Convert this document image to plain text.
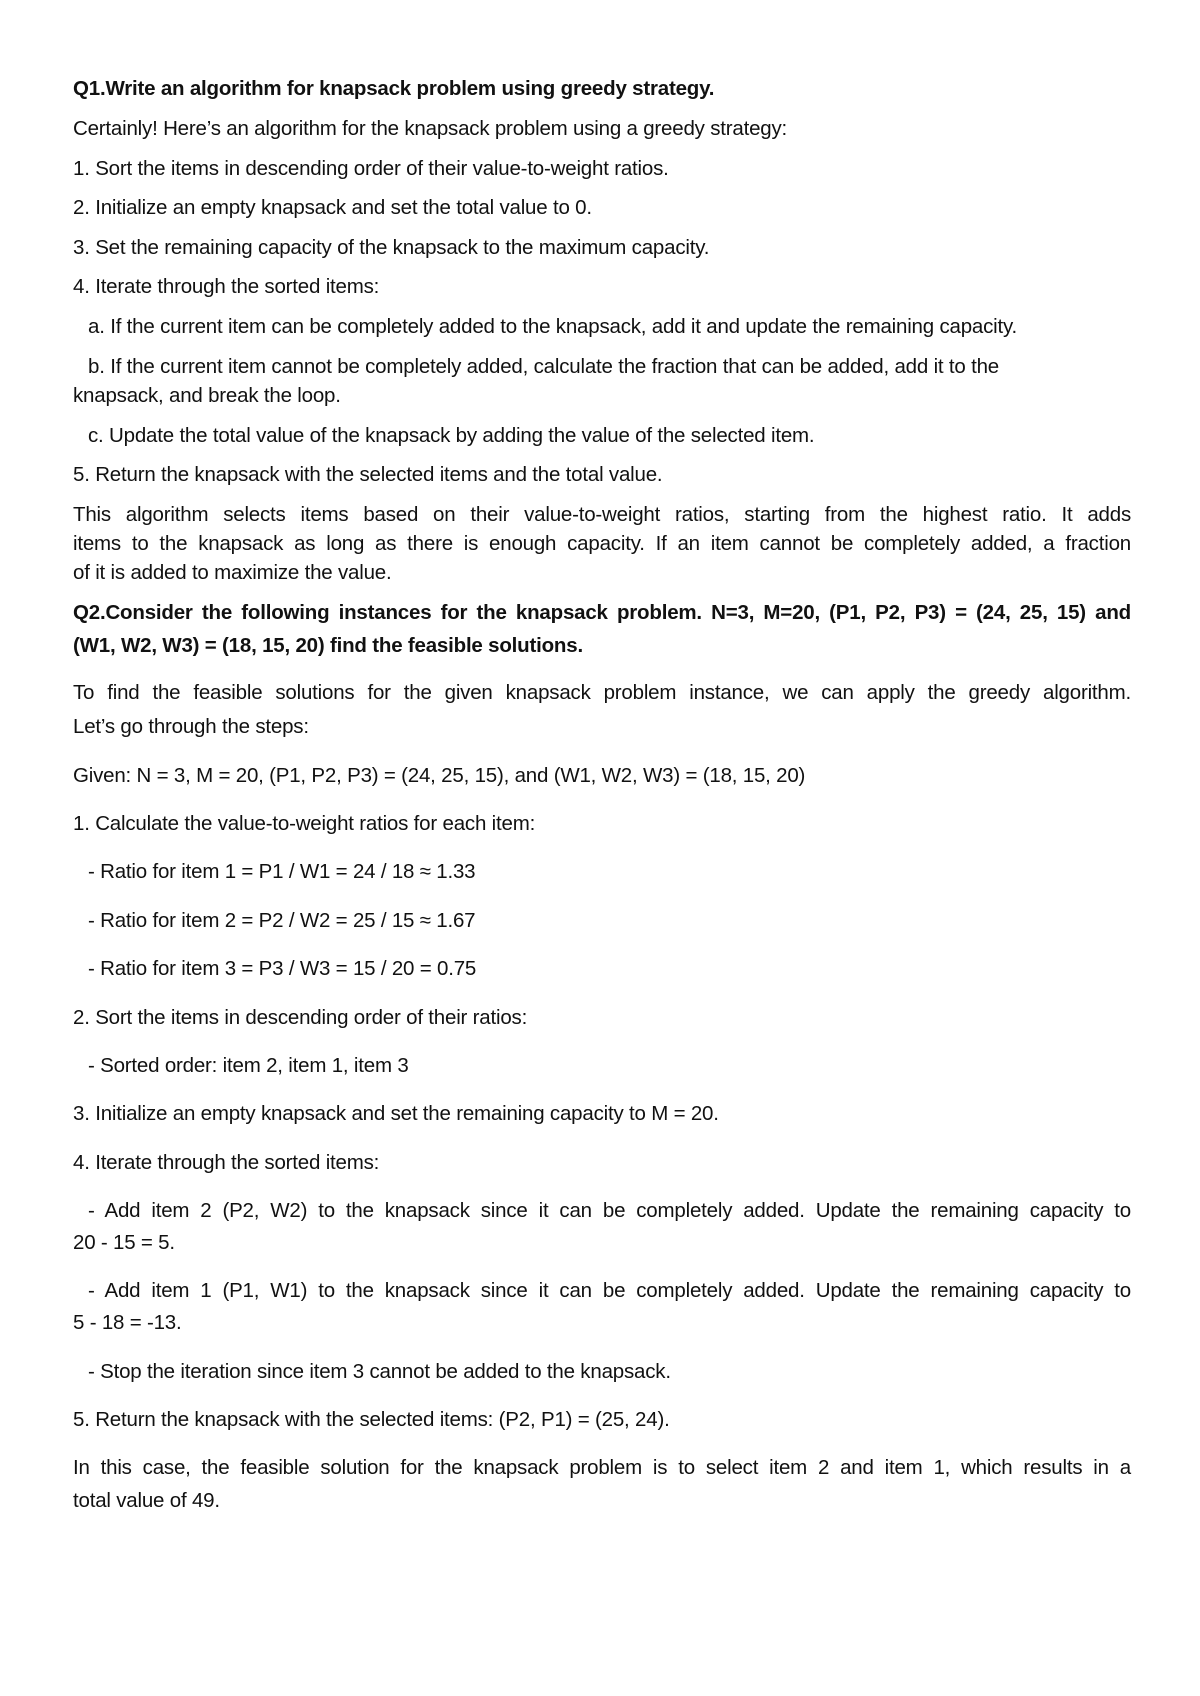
Q1.Write an algorithm for knapsack problem using greedy strategy.
Certainly! Here’s an algorithm for the knapsack problem using a greedy strategy:
1. Sort the items in descending order of their value-to-weight ratios.
2. Initialize an empty knapsack and set the total value to 0.
3. Set the remaining capacity of the knapsack to the maximum capacity.
4. Iterate through the sorted items:
a. If the current item can be completely added to the knapsack, add it and update the remaining capacity.
b. If the current item cannot be completely added, calculate the fraction that can be added, add it to the
knapsack, and break the loop.
c. Update the total value of the knapsack by adding the value of the selected item.
5. Return the knapsack with the selected items and the total value.
This algorithm selects items based on their value-to-weight ratios, starting from the highest ratio. It adds
items to the knapsack as long as there is enough capacity. If an item cannot be completely added, a fraction
of it is added to maximize the value.
Q2.Consider the following instances for the knapsack problem. N=3, M=20, (P1, P2, P3) = (24, 25, 15) and
(W1, W2, W3) = (18, 15, 20) find the feasible solutions.
To find the feasible solutions for the given knapsack problem instance, we can apply the greedy algorithm.
Let’s go through the steps:
Given: N = 3, M = 20, (P1, P2, P3) = (24, 25, 15), and (W1, W2, W3) = (18, 15, 20)
1. Calculate the value-to-weight ratios for each item:
- Ratio for item 1 = P1 / W1 = 24 / 18 ≈ 1.33
- Ratio for item 2 = P2 / W2 = 25 / 15 ≈ 1.67
- Ratio for item 3 = P3 / W3 = 15 / 20 = 0.75
2. Sort the items in descending order of their ratios:
- Sorted order: item 2, item 1, item 3
3. Initialize an empty knapsack and set the remaining capacity to M = 20.
4. Iterate through the sorted items:
- Add item 2 (P2, W2) to the knapsack since it can be completely added. Update the remaining capacity to
20 - 15 = 5.
- Add item 1 (P1, W1) to the knapsack since it can be completely added. Update the remaining capacity to
5 - 18 = -13.
- Stop the iteration since item 3 cannot be added to the knapsack.
5. Return the knapsack with the selected items: (P2, P1) = (25, 24).
In this case, the feasible solution for the knapsack problem is to select item 2 and item 1, which results in a
total value of 49.
